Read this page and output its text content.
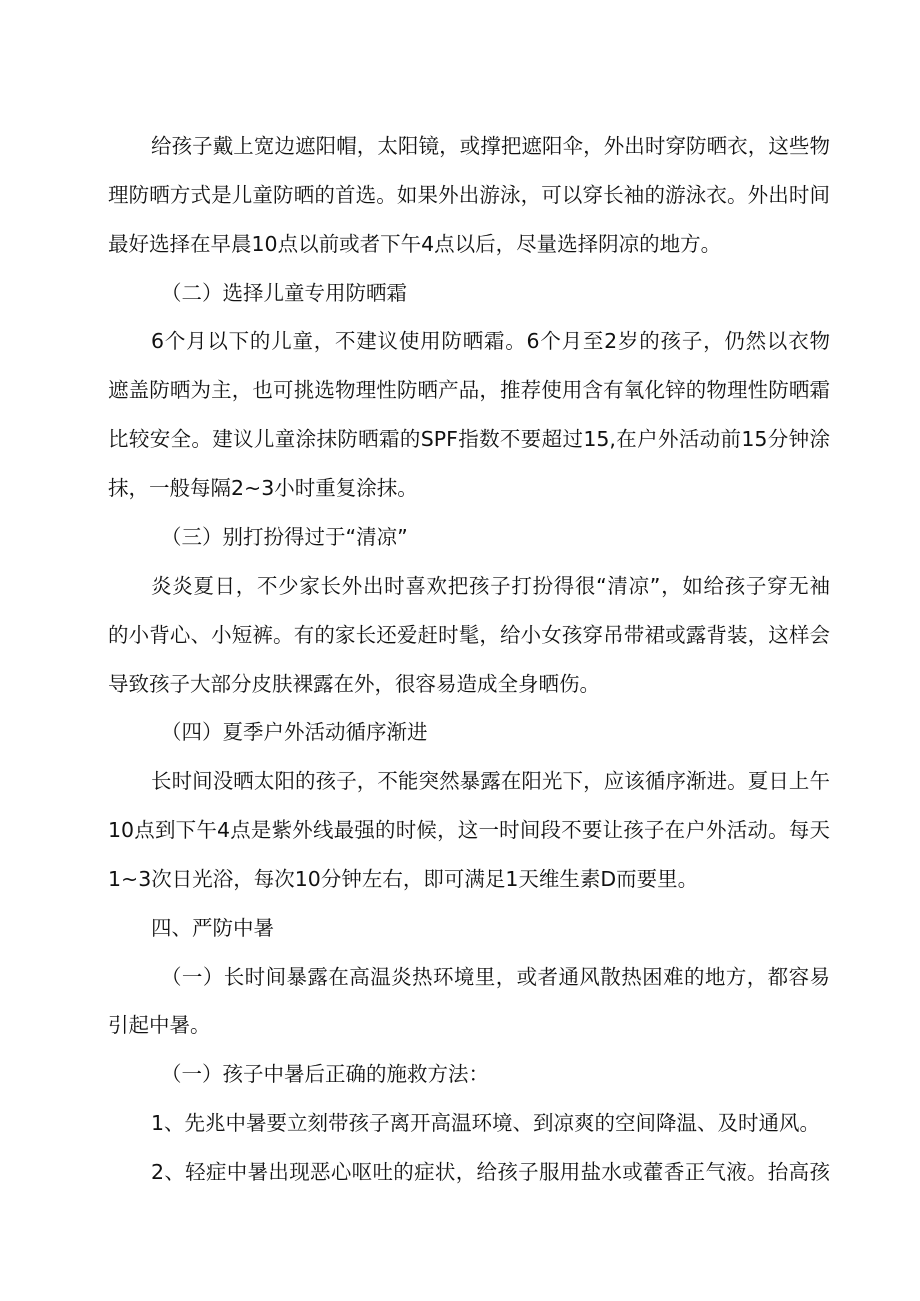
给孩子戴上宽边遮阳帽，太阳镜，或撑把遮阳伞，外出时穿防晒衣，这些物
理防晒方式是儿童防晒的首选。如果外出游泳，可以穿长袖的游泳衣。外出时间
最好选择在早晨10点以前或者下午4点以后，尽量选择阴凉的地方。
（二）选择儿童专用防晒霜
6个月以下的儿童，不建议使用防晒霜。6个月至2岁的孩子，仍然以衣物
遮盖防晒为主，也可挑选物理性防晒产品，推荐使用含有氧化锌的物理性防晒霜
比较安全。建议儿童涂抹防晒霜的SPF指数不要超过15,在户外活动前15分钟涂
抹，一般每隔2~3小时重复涂抹。
（三）别打扮得过于“清凉”
炎炎夏日，不少家长外出时喜欢把孩子打扮得很“清凉”，如给孩子穿无袖
的小背心、小短裤。有的家长还爱赶时髦，给小女孩穿吊带裙或露背装，这样会
导致孩子大部分皮肤裸露在外，很容易造成全身晒伤。
（四）夏季户外活动循序渐进
长时间没晒太阳的孩子，不能突然暴露在阳光下，应该循序渐进。夏日上午
10点到下午4点是紫外线最强的时候，这一时间段不要让孩子在户外活动。每天
1~3次日光浴，每次10分钟左右，即可满足1天维生素D而要里。
四、严防中暑
（一）长时间暴露在高温炎热环境里，或者通风散热困难的地方，都容易
引起中暑。
（一）孩子中暑后正确的施救方法：
1、先兆中暑要立刻带孩子离开高温环境、到凉爽的空间降温、及时通风。
2、轻症中暑出现恶心呕吐的症状，给孩子服用盐水或藿香正气液。抬高孩
